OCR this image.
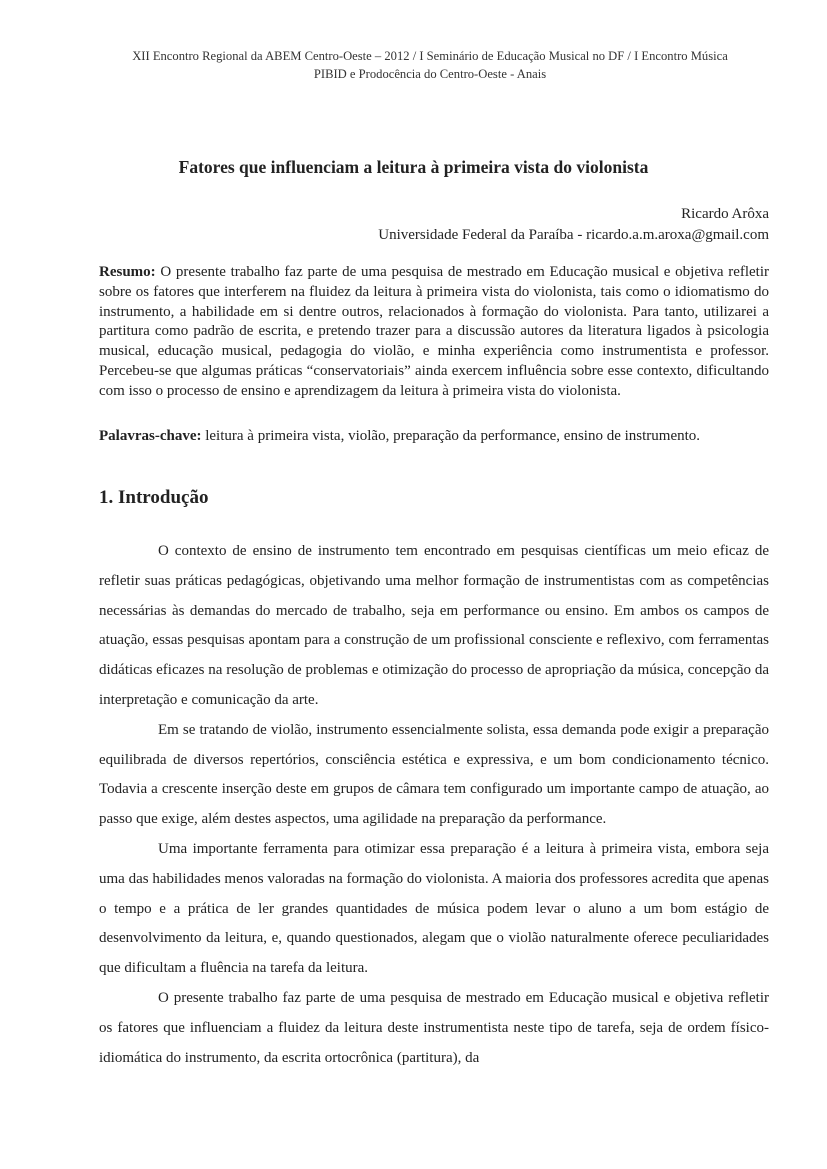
XII Encontro Regional da ABEM Centro-Oeste – 2012 / I Seminário de Educação Musical no DF / I Encontro Música
PIBID e Prodocência do Centro-Oeste - Anais
Fatores que influenciam a leitura à primeira vista do violonista
Ricardo Arôxa
Universidade Federal da Paraíba - ricardo.a.m.aroxa@gmail.com
Resumo: O presente trabalho faz parte de uma pesquisa de mestrado em Educação musical e objetiva refletir sobre os fatores que interferem na fluidez da leitura à primeira vista do violonista, tais como o idiomatismo do instrumento, a habilidade em si dentre outros, relacionados à formação do violonista. Para tanto, utilizarei a partitura como padrão de escrita, e pretendo trazer para a discussão autores da literatura ligados à psicologia musical, educação musical, pedagogia do violão, e minha experiência como instrumentista e professor. Percebeu-se que algumas práticas “conservatoriais” ainda exercem influência sobre esse contexto, dificultando com isso o processo de ensino e aprendizagem da leitura à primeira vista do violonista.
Palavras-chave: leitura à primeira vista, violão, preparação da performance, ensino de instrumento.
1. Introdução

O contexto de ensino de instrumento tem encontrado em pesquisas científicas um meio eficaz de refletir suas práticas pedagógicas, objetivando uma melhor formação de instrumentistas com as competências necessárias às demandas do mercado de trabalho, seja em performance ou ensino. Em ambos os campos de atuação, essas pesquisas apontam para a construção de um profissional consciente e reflexivo, com ferramentas didáticas eficazes na resolução de problemas e otimização do processo de apropriação da música, concepção da interpretação e comunicação da arte.

Em se tratando de violão, instrumento essencialmente solista, essa demanda pode exigir a preparação equilibrada de diversos repertórios, consciência estética e expressiva, e um bom condicionamento técnico. Todavia a crescente inserção deste em grupos de câmara tem configurado um importante campo de atuação, ao passo que exige, além destes aspectos, uma agilidade na preparação da performance.

Uma importante ferramenta para otimizar essa preparação é a leitura à primeira vista, embora seja uma das habilidades menos valoradas na formação do violonista. A maioria dos professores acredita que apenas o tempo e a prática de ler grandes quantidades de música podem levar o aluno a um bom estágio de desenvolvimento da leitura, e, quando questionados, alegam que o violão naturalmente oferece peculiaridades que dificultam a fluência na tarefa da leitura.

O presente trabalho faz parte de uma pesquisa de mestrado em Educação musical e objetiva refletir os fatores que influenciam a fluidez da leitura deste instrumentista neste tipo de tarefa, seja de ordem físico-idiomática do instrumento, da escrita ortocrônica (partitura), da
